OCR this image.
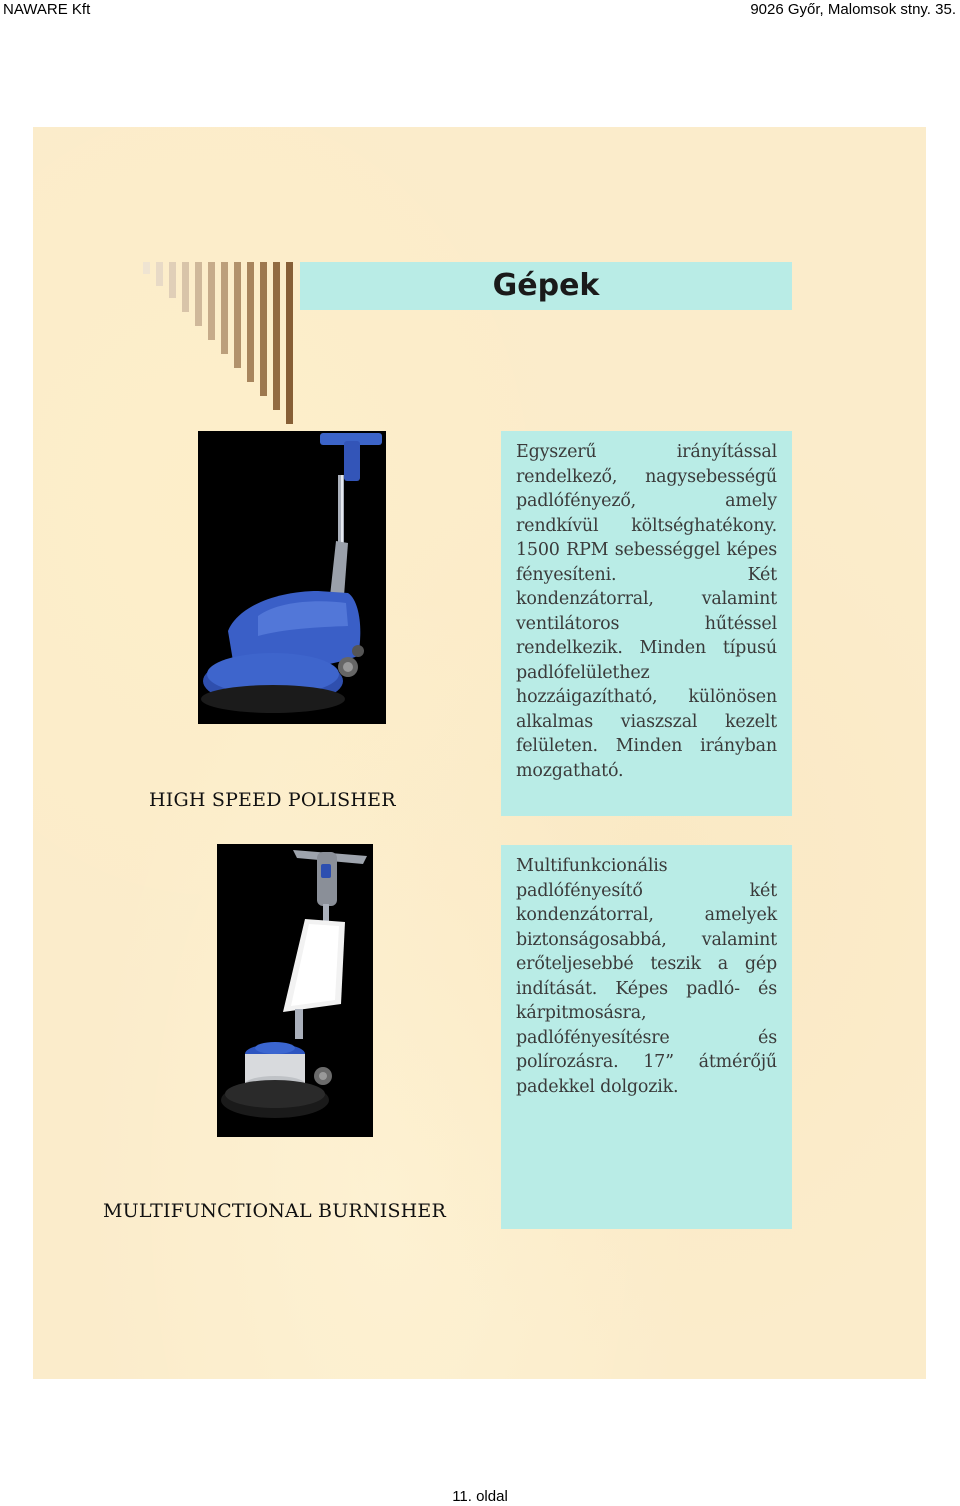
NAWARE Kft	9026 Győr, Malomsok stny. 35.
Gépek
Egyszerű irányítással rendelkező, nagysebességű padlófényező, amely rendkívül költséghatékony. 1500 RPM sebességgel képes fényesíteni. Két kondenzátorral, valamint ventilátoros hűtéssel rendelkezik. Minden típusú padlófelülethez hozzáigazítható, különösen alkalmas viaszszal kezelt felületen. Minden irányban mozgatható.
HIGH SPEED POLISHER
Multifunkcionális padlófényesítő két kondenzátorral, amelyek biztonságosabbá, valamint erőteljesebbé teszik a gép indítását. Képes padló- és kárpitmosásra, padlófényesítésre és polírozásra. 17” átmérőjű padekkel dolgozik.
MULTIFUNCTIONAL BURNISHER
11. oldal
